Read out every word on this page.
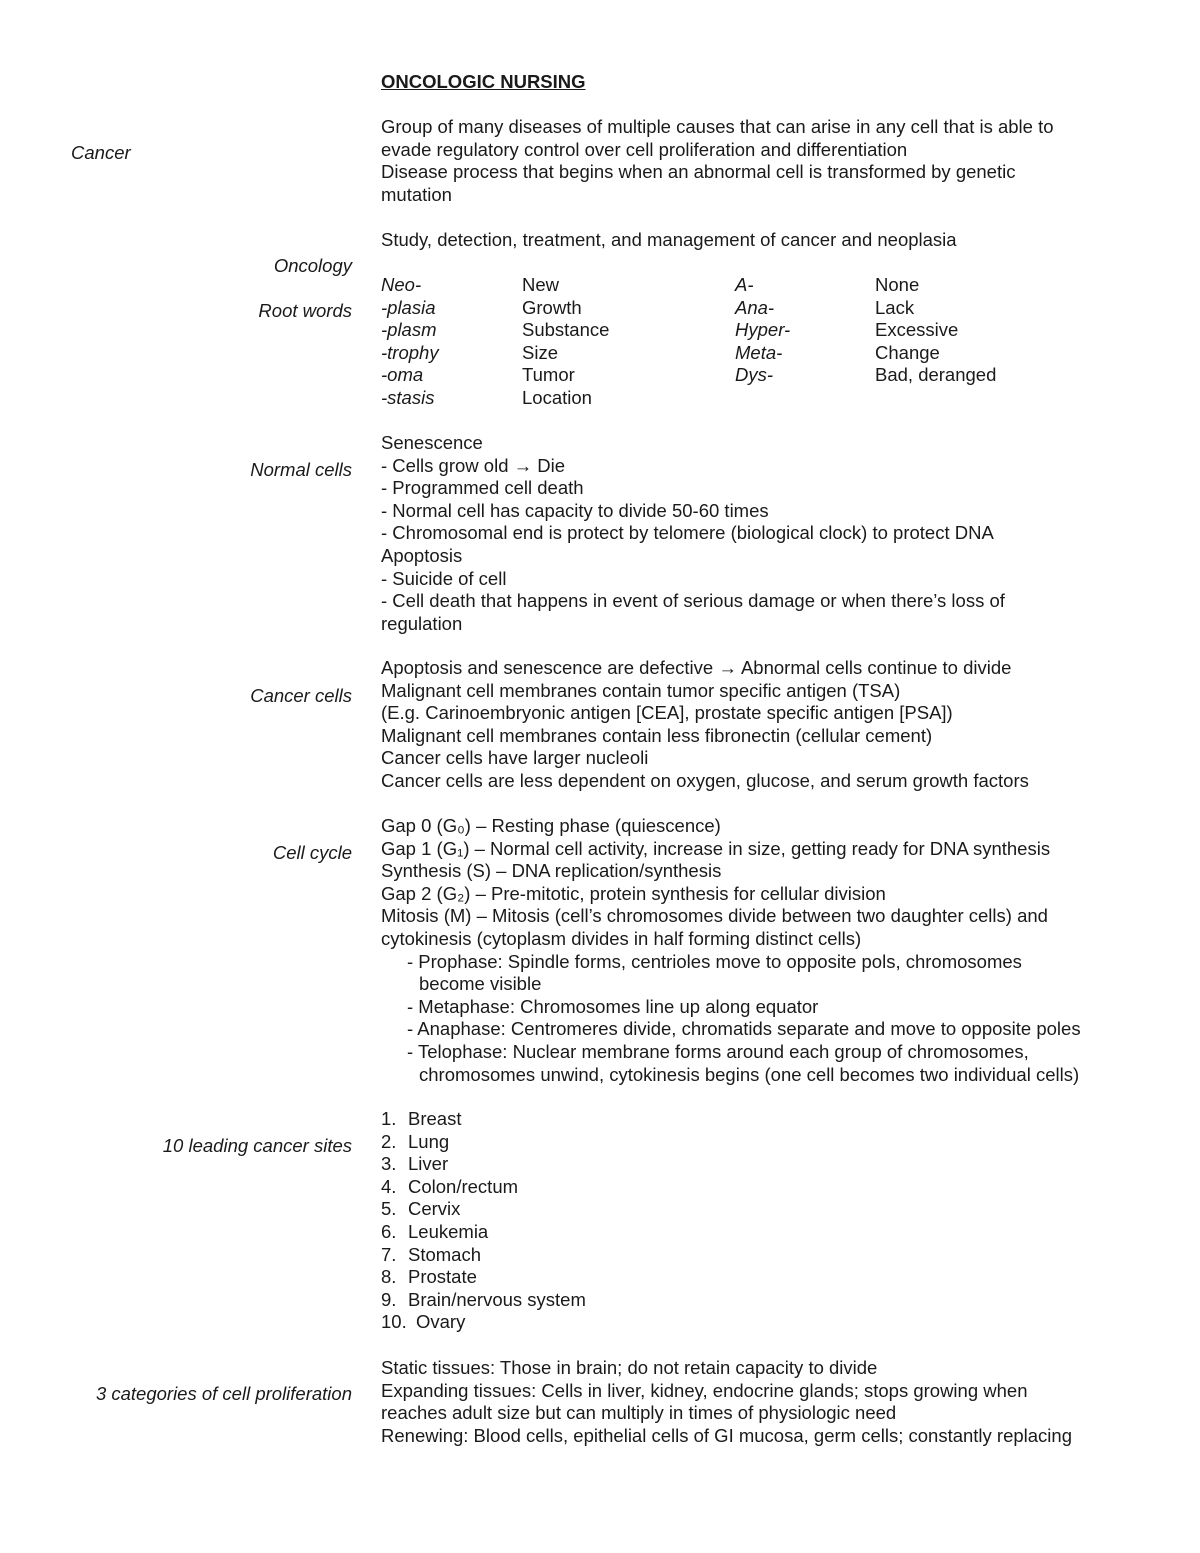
ONCOLOGIC NURSING
Cancer
Group of many diseases of multiple causes that can arise in any cell that is able to
evade regulatory control over cell proliferation and differentiation
Disease process that begins when an abnormal cell is transformed by genetic
mutation
Study, detection, treatment, and management of cancer and neoplasia
Oncology
Root words
Neo-	New	A-	None
-plasia	Growth	Ana-	Lack
-plasm	Substance	Hyper-	Excessive
-trophy	Size	Meta-	Change
-oma	Tumor	Dys-	Bad, deranged
-stasis	Location
Normal cells
Senescence
- Cells grow old → Die
- Programmed cell death
- Normal cell has capacity to divide 50-60 times
- Chromosomal end is protect by telomere (biological clock) to protect DNA
Apoptosis
- Suicide of cell
- Cell death that happens in event of serious damage or when there’s loss of
regulation
Cancer cells
Apoptosis and senescence are defective → Abnormal cells continue to divide
Malignant cell membranes contain tumor specific antigen (TSA)
(E.g. Carinoembryonic antigen [CEA], prostate specific antigen [PSA])
Malignant cell membranes contain less fibronectin (cellular cement)
Cancer cells have larger nucleoli
Cancer cells are less dependent on oxygen, glucose, and serum growth factors
Cell cycle
Gap 0 (G₀) – Resting phase (quiescence)
Gap 1 (G₁) – Normal cell activity, increase in size, getting ready for DNA synthesis
Synthesis (S) – DNA replication/synthesis
Gap 2 (G₂) – Pre-mitotic, protein synthesis for cellular division
Mitosis (M) – Mitosis (cell’s chromosomes divide between two daughter cells) and
cytokinesis (cytoplasm divides in half forming distinct cells)
- Prophase: Spindle forms, centrioles move to opposite pols, chromosomes
become visible
- Metaphase: Chromosomes line up along equator
- Anaphase: Centromeres divide, chromatids separate and move to opposite poles
- Telophase: Nuclear membrane forms around each group of chromosomes,
chromosomes unwind, cytokinesis begins (one cell becomes two individual cells)
10 leading cancer sites
1. Breast
2. Lung
3. Liver
4. Colon/rectum
5. Cervix
6. Leukemia
7. Stomach
8. Prostate
9. Brain/nervous system
10. Ovary
3 categories of cell proliferation
Static tissues: Those in brain; do not retain capacity to divide
Expanding tissues: Cells in liver, kidney, endocrine glands; stops growing when
reaches adult size but can multiply in times of physiologic need
Renewing: Blood cells, epithelial cells of GI mucosa, germ cells; constantly replacing
